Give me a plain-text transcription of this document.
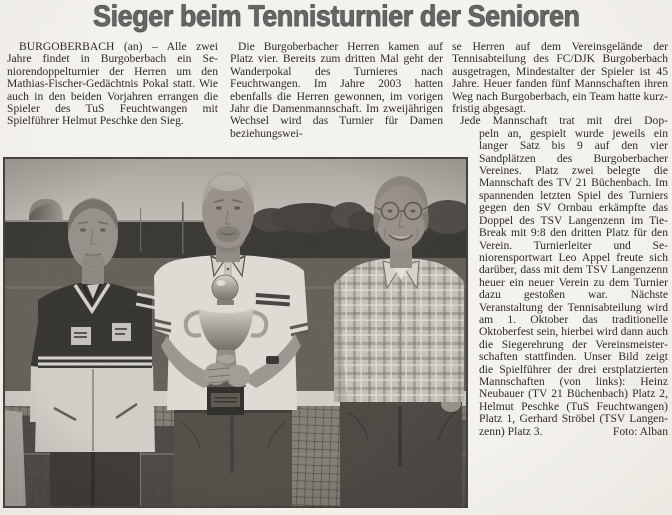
Sieger beim Tennisturnier der Senioren

BURGOBERBACH (an) – Alle zwei Jahre findet in Burgoberbach ein Seniorendoppelturnier der Herren um den Mathias-Fischer-Gedächtnis Pokal statt. Wie auch in den beiden Vorjahren errangen die Spieler des TuS Feuchtwangen mit Spielführer Helmut Peschke den Sieg.

Die Burgoberbacher Herren kamen auf Platz vier. Bereits zum dritten Mal geht der Wanderpokal des Turnieres nach Feuchtwangen. Im Jahre 2003 hatten ebenfalls die Herren gewonnen, im vorigen Jahr die Damenmannschaft. Im zweijährigen Wechsel wird das Turnier für Damen beziehungswei-

se Herren auf dem Vereinsgelände der Tennisabteilung des FC/DJK Burgoberbach ausgetragen, Mindestalter der Spieler ist 45 Jahre. Heuer fanden fünf Mannschaften ihren Weg nach Burgoberbach, ein Team hatte kurzfristig abgesagt.

Jede Mannschaft trat mit drei Dop-

peln an, gespielt wurde jeweils ein langer Satz bis 9 auf den vier Sandplätzen des Burgoberbacher Vereines. Platz zwei belegte die Mannschaft des TV 21 Büchenbach. Im spannenden letzten Spiel des Turniers gegen den SV Ornbau erkämpfte das Doppel des TSV Langenzenn im Tie-Break mit 9:8 den dritten Platz für den Verein. Turnierleiter und Seniorensportwart Leo Appel freute sich darüber, dass mit dem TSV Langenzenn heuer ein neuer Verein zu dem Turnier dazu gestoßen war. Nächste Veranstaltung der Tennisabteilung wird am 1. Oktober das traditionelle Oktoberfest sein, hierbei wird dann auch die Siegerehrung der Vereinsmeisterschaften stattfinden. Unser Bild zeigt die Spielführer der drei erstplatzierten Mannschaften (von links): Heinz Neubauer (TV 21 Büchenbach) Platz 2, Helmut Peschke (TuS Feuchtwangen) Platz 1, Gerhard Ströbel (TSV Langen-

zenn) Platz 3.	Foto: Alban
